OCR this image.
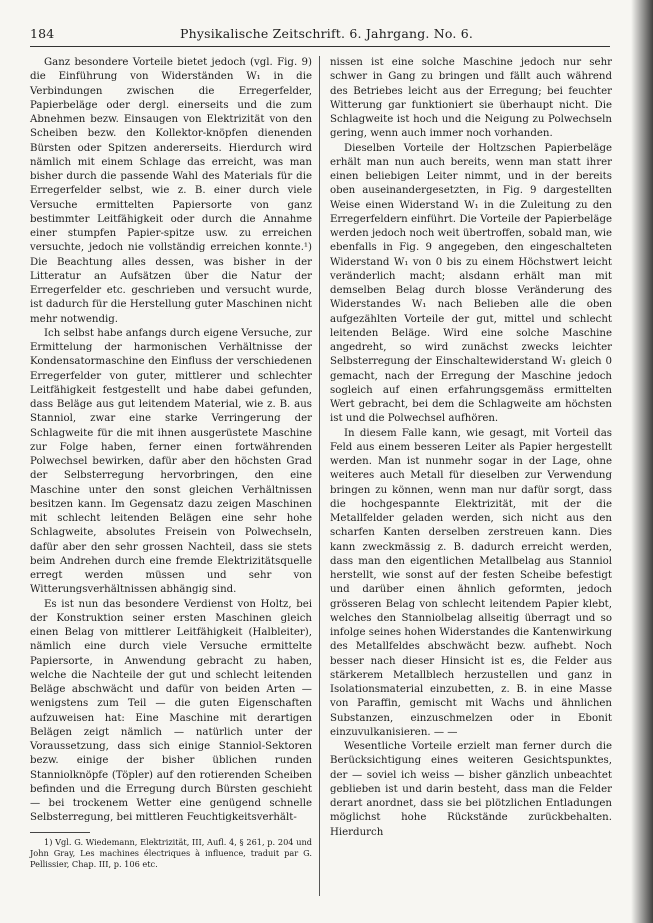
184	Physikalische Zeitschrift. 6. Jahrgang. No. 6.

Ganz besondere Vorteile bietet jedoch (vgl. Fig. 9) die Einführung von Widerständen W₁ in die Verbindungen zwischen die Erregerfelder, Papierbeläge oder dergl. einerseits und die zum Abnehmen bezw. Einsaugen von Elektrizität von den Scheiben bezw. den Kollektor-knöpfen dienenden Bürsten oder Spitzen andererseits. Hierdurch wird nämlich mit einem Schlage das erreicht, was man bisher durch die passende Wahl des Materials für die Erregerfelder selbst, wie z. B. einer durch viele Versuche ermittelten Papiersorte von ganz bestimmter Leitfähigkeit oder durch die Annahme einer stumpfen Papier-spitze usw. zu erreichen versuchte, jedoch nie vollständig erreichen konnte.¹) Die Beachtung alles dessen, was bisher in der Litteratur an Aufsätzen über die Natur der Erregerfelder etc. geschrieben und versucht wurde, ist dadurch für die Herstellung guter Maschinen nicht mehr notwendig.

Ich selbst habe anfangs durch eigene Versuche, zur Ermittelung der harmonischen Verhältnisse der Kondensatormaschine den Einfluss der verschiedenen Erregerfelder von guter, mittlerer und schlechter Leitfähigkeit festgestellt und habe dabei gefunden, dass Beläge aus gut leitendem Material, wie z. B. aus Stanniol, zwar eine starke Verringerung der Schlagweite für die mit ihnen ausgerüstete Maschine zur Folge haben, ferner einen fortwährenden Polwechsel bewirken, dafür aber den höchsten Grad der Selbsterregung hervorbringen, den eine Maschine unter den sonst gleichen Verhältnissen besitzen kann. Im Gegensatz dazu zeigen Maschinen mit schlecht leitenden Belägen eine sehr hohe Schlagweite, absolutes Freisein von Polwechseln, dafür aber den sehr grossen Nachteil, dass sie stets beim Andrehen durch eine fremde Elektrizitätsquelle erregt werden müssen und sehr von Witterungsverhältnissen abhängig sind.

Es ist nun das besondere Verdienst von Holtz, bei der Konstruktion seiner ersten Maschinen gleich einen Belag von mittlerer Leitfähigkeit (Halbleiter), nämlich eine durch viele Versuche ermittelte Papiersorte, in Anwendung gebracht zu haben, welche die Nachteile der gut und schlecht leitenden Beläge abschwächt und dafür von beiden Arten — wenigstens zum Teil — die guten Eigenschaften aufzuweisen hat: Eine Maschine mit derartigen Belägen zeigt nämlich — natürlich unter der Voraussetzung, dass sich einige Stanniol-Sektoren bezw. einige der bisher üblichen runden Stanniolknöpfe (Töpler) auf den rotierenden Scheiben befinden und die Erregung durch Bürsten geschieht — bei trockenem Wetter eine genügend schnelle Selbsterregung, bei mittleren Feuchtigkeitsverhält-

1) Vgl. G. Wiedemann, Elektrizität, III, Aufl. 4, § 261, p. 204 und John Gray, Les machines électriques à influence, traduit par G. Pellissier, Chap. III, p. 106 etc.

nissen ist eine solche Maschine jedoch nur sehr schwer in Gang zu bringen und fällt auch während des Betriebes leicht aus der Erregung; bei feuchter Witterung gar funktioniert sie überhaupt nicht. Die Schlagweite ist hoch und die Neigung zu Polwechseln gering, wenn auch immer noch vorhanden.

Dieselben Vorteile der Holtzschen Papierbeläge erhält man nun auch bereits, wenn man statt ihrer einen beliebigen Leiter nimmt, und in der bereits oben auseinandergesetzten, in Fig. 9 dargestellten Weise einen Widerstand W₁ in die Zuleitung zu den Erregerfeldern einführt. Die Vorteile der Papierbeläge werden jedoch noch weit übertroffen, sobald man, wie ebenfalls in Fig. 9 angegeben, den eingeschalteten Widerstand W₁ von 0 bis zu einem Höchstwert leicht veränderlich macht; alsdann erhält man mit demselben Belag durch blosse Veränderung des Widerstandes W₁ nach Belieben alle die oben aufgezählten Vorteile der gut, mittel und schlecht leitenden Beläge. Wird eine solche Maschine angedreht, so wird zunächst zwecks leichter Selbsterregung der Einschaltewiderstand W₁ gleich 0 gemacht, nach der Erregung der Maschine jedoch sogleich auf einen erfahrungsgemäss ermittelten Wert gebracht, bei dem die Schlagweite am höchsten ist und die Polwechsel aufhören.

In diesem Falle kann, wie gesagt, mit Vorteil das Feld aus einem besseren Leiter als Papier hergestellt werden. Man ist nunmehr sogar in der Lage, ohne weiteres auch Metall für dieselben zur Verwendung bringen zu können, wenn man nur dafür sorgt, dass die hochgespannte Elektrizität, mit der die Metallfelder geladen werden, sich nicht aus den scharfen Kanten derselben zerstreuen kann. Dies kann zweckmässig z. B. dadurch erreicht werden, dass man den eigentlichen Metallbelag aus Stanniol herstellt, wie sonst auf der festen Scheibe befestigt und darüber einen ähnlich geformten, jedoch grösseren Belag von schlecht leitendem Papier klebt, welches den Stanniolbelag allseitig überragt und so infolge seines hohen Widerstandes die Kantenwirkung des Metallfeldes abschwächt bezw. aufhebt. Noch besser nach dieser Hinsicht ist es, die Felder aus stärkerem Metallblech herzustellen und ganz in Isolationsmaterial einzubetten, z. B. in eine Masse von Paraffin, gemischt mit Wachs und ähnlichen Substanzen, einzuschmelzen oder in Ebonit einzuvulkanisieren. — —

Wesentliche Vorteile erzielt man ferner durch die Berücksichtigung eines weiteren Gesichtspunktes, der — soviel ich weiss — bisher gänzlich unbeachtet geblieben ist und darin besteht, dass man die Felder derart anordnet, dass sie bei plötzlichen Entladungen möglichst hohe Rückstände zurückbehalten. Hierdurch
